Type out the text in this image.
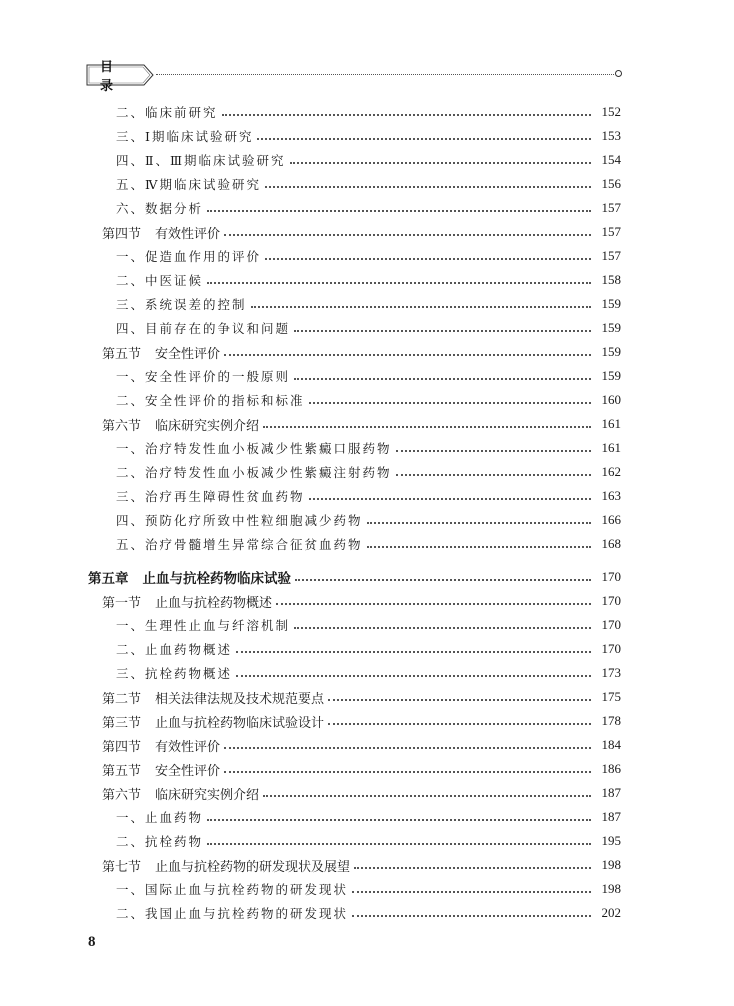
目　录
二、临床前研究	152
三、Ⅰ期临床试验研究	153
四、Ⅱ、Ⅲ期临床试验研究	154
五、Ⅳ期临床试验研究	156
六、数据分析	157
第四节 有效性评价	157
一、促造血作用的评价	157
二、中医证候	158
三、系统误差的控制	159
四、目前存在的争议和问题	159
第五节 安全性评价	159
一、安全性评价的一般原则	159
二、安全性评价的指标和标准	160
第六节 临床研究实例介绍	161
一、治疗特发性血小板减少性紫癜口服药物	161
二、治疗特发性血小板减少性紫癜注射药物	162
三、治疗再生障碍性贫血药物	163
四、预防化疗所致中性粒细胞减少药物	166
五、治疗骨髓增生异常综合征贫血药物	168
第五章 止血与抗栓药物临床试验	170
第一节 止血与抗栓药物概述	170
一、生理性止血与纤溶机制	170
二、止血药物概述	170
三、抗栓药物概述	173
第二节 相关法律法规及技术规范要点	175
第三节 止血与抗栓药物临床试验设计	178
第四节 有效性评价	184
第五节 安全性评价	186
第六节 临床研究实例介绍	187
一、止血药物	187
二、抗栓药物	195
第七节 止血与抗栓药物的研发现状及展望	198
一、国际止血与抗栓药物的研发现状	198
二、我国止血与抗栓药物的研发现状	202
8
